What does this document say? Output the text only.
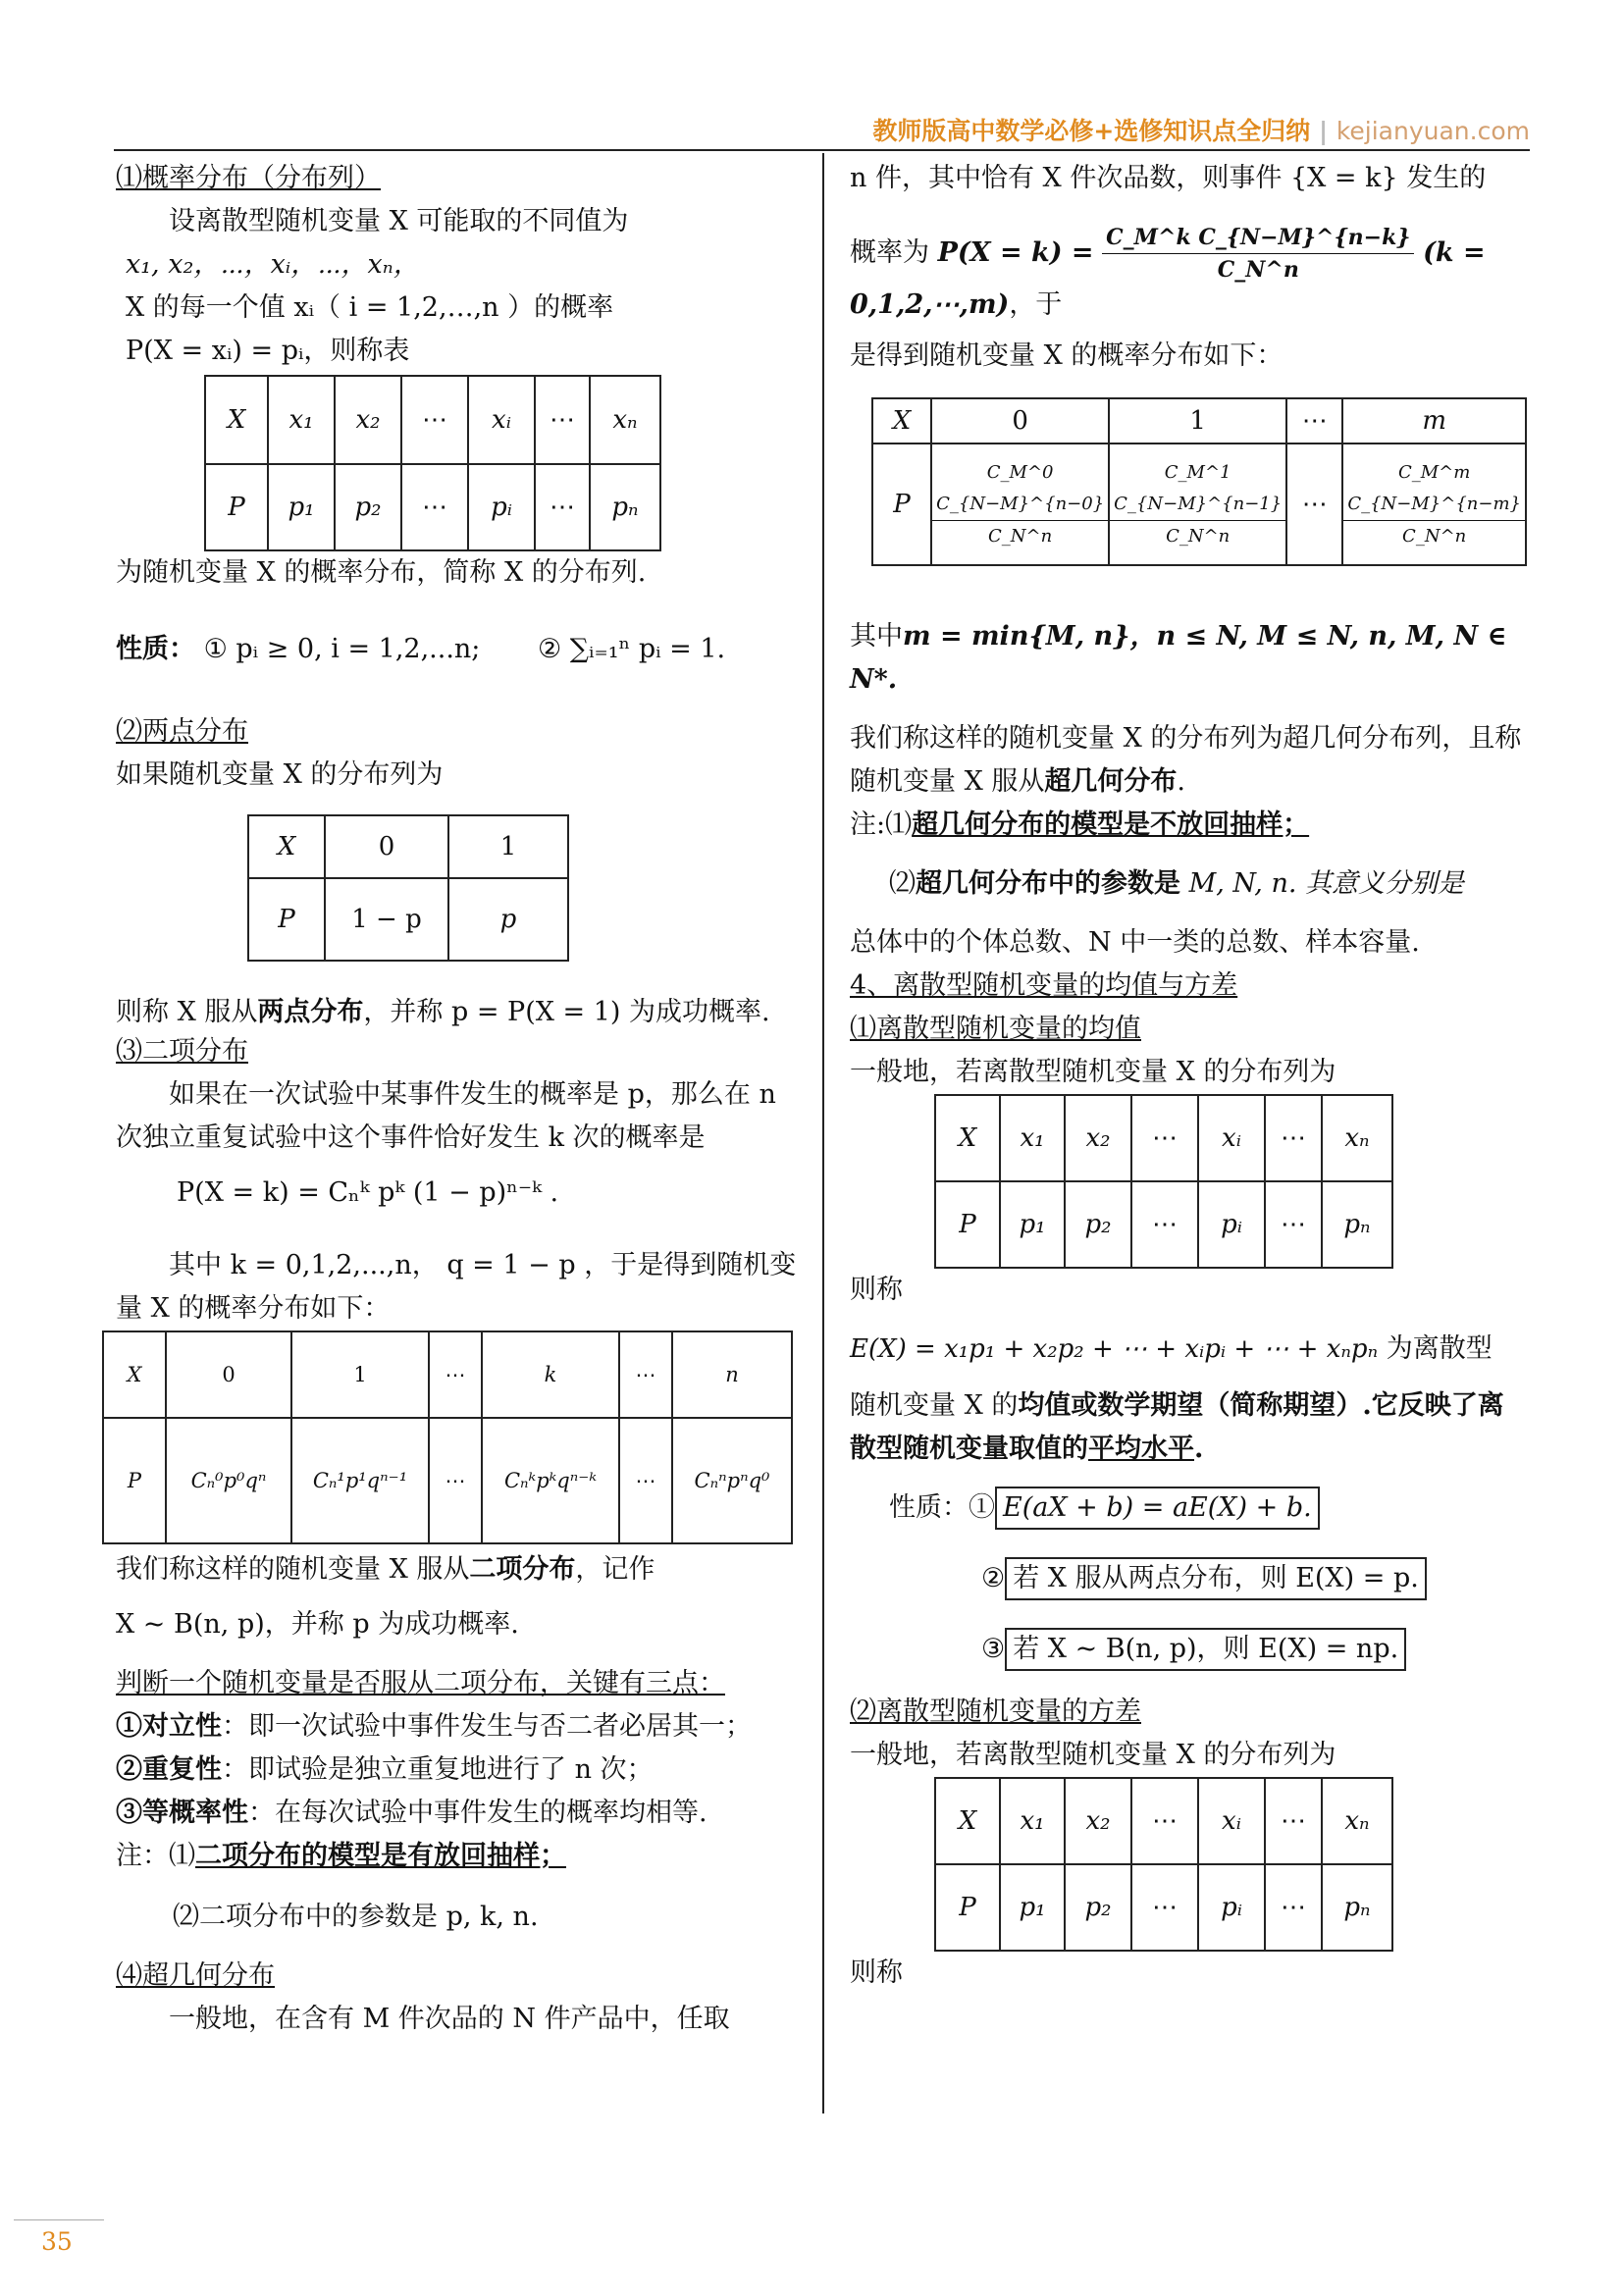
教师版高中数学必修+选修知识点全归纳 | kejianyuan.com

⑴概率分布（分布列）

设离散型随机变量 X 可能取的不同值为

x₁, x₂，⋯，xᵢ，⋯，xₙ，

X 的每一个值 xᵢ（ i = 1,2,…,n ）的概率

P(X = xᵢ) = pᵢ，则称表

X	x₁	x₂	⋯	xᵢ	⋯	xₙ
P	p₁	p₂	⋯	pᵢ	⋯	pₙ

为随机变量 X 的概率分布，简称 X 的分布列.

性质： ① pᵢ ≥ 0, i = 1,2,...n; ② ∑ᵢ₌₁ⁿ pᵢ = 1.

⑵两点分布

如果随机变量 X 的分布列为

X	0	1
P	1 − p	p

则称 X 服从两点分布，并称 p = P(X = 1) 为成功概率.

⑶二项分布

如果在一次试验中某事件发生的概率是 p，那么在 n 次独立重复试验中这个事件恰好发生 k 次的概率是

P(X = k) = Cₙᵏ pᵏ (1 − p)ⁿ⁻ᵏ .

其中 k = 0,1,2,...,n， q = 1 − p ，于是得到随机变量 X 的概率分布如下：

X	0	1	⋯	k	⋯	n
P	Cₙ⁰p⁰qⁿ	Cₙ¹p¹qⁿ⁻¹	⋯	Cₙᵏpᵏqⁿ⁻ᵏ	⋯	Cₙⁿpⁿq⁰

我们称这样的随机变量 X 服从二项分布，记作

X ~ B(n, p)，并称 p 为成功概率.

判断一个随机变量是否服从二项分布，关键有三点：

①对立性：即一次试验中事件发生与否二者必居其一；

②重复性：即试验是独立重复地进行了 n 次；

③等概率性：在每次试验中事件发生的概率均相等.

注：⑴二项分布的模型是有放回抽样；

⑵二项分布中的参数是 p, k, n.

⑷超几何分布

一般地，在含有 M 件次品的 N 件产品中，任取

n 件，其中恰有 X 件次品数，则事件 {X = k} 发生的

概率为 $P(X = k) = \frac{\text{C\_M\textasciicircum{}k C\_\{N−M\}\textasciicircum{}\{n−k\}}}{C\_N\^{}n} (k$ = 0,1,2,⋯,m)，于

是得到随机变量 X 的概率分布如下：

X	0	1	⋯	m
P	$\frac{C\_M\^{}0 C\_\{N-M\}\^{}\{n-0\}}{C\_N\^{}n}$	$\frac{C\_M\^{}1 C\_\{N-M\}\^{}\{n-1\}}{C\_N\^{}n}$	⋯	$\frac{\text{C\_M\textasciicircum{}m C\_\{N−M\}\textasciicircum{}\{n−m\}}}{C\_N\^{}n}$

其中m = min{M, n}，n ≤ N, M ≤ N, n, M, N ∈ N*.

我们称这样的随机变量 X 的分布列为超几何分布列，且称随机变量 X 服从超几何分布.

注:⑴超几何分布的模型是不放回抽样；

⑵超几何分布中的参数是 M, N, n. 其意义分别是

总体中的个体总数、N 中一类的总数、样本容量.

4、离散型随机变量的均值与方差

⑴离散型随机变量的均值

一般地，若离散型随机变量 X 的分布列为

X	x₁	x₂	⋯	xᵢ	⋯	xₙ
P	p₁	p₂	⋯	pᵢ	⋯	pₙ

则称

E(X) = x₁p₁ + x₂p₂ + ⋯ + xᵢpᵢ + ⋯ + xₙpₙ 为离散型

随机变量 X 的均值或数学期望（简称期望）.它反映了离散型随机变量取值的平均水平.

性质：① E(aX + b) = aE(X) + b.

② 若 X 服从两点分布，则 E(X) = p.

③ 若 X ~ B(n, p)，则 E(X) = np.

⑵离散型随机变量的方差

一般地，若离散型随机变量 X 的分布列为

X	x₁	x₂	⋯	xᵢ	⋯	xₙ
P	p₁	p₂	⋯	pᵢ	⋯	pₙ

则称

35
